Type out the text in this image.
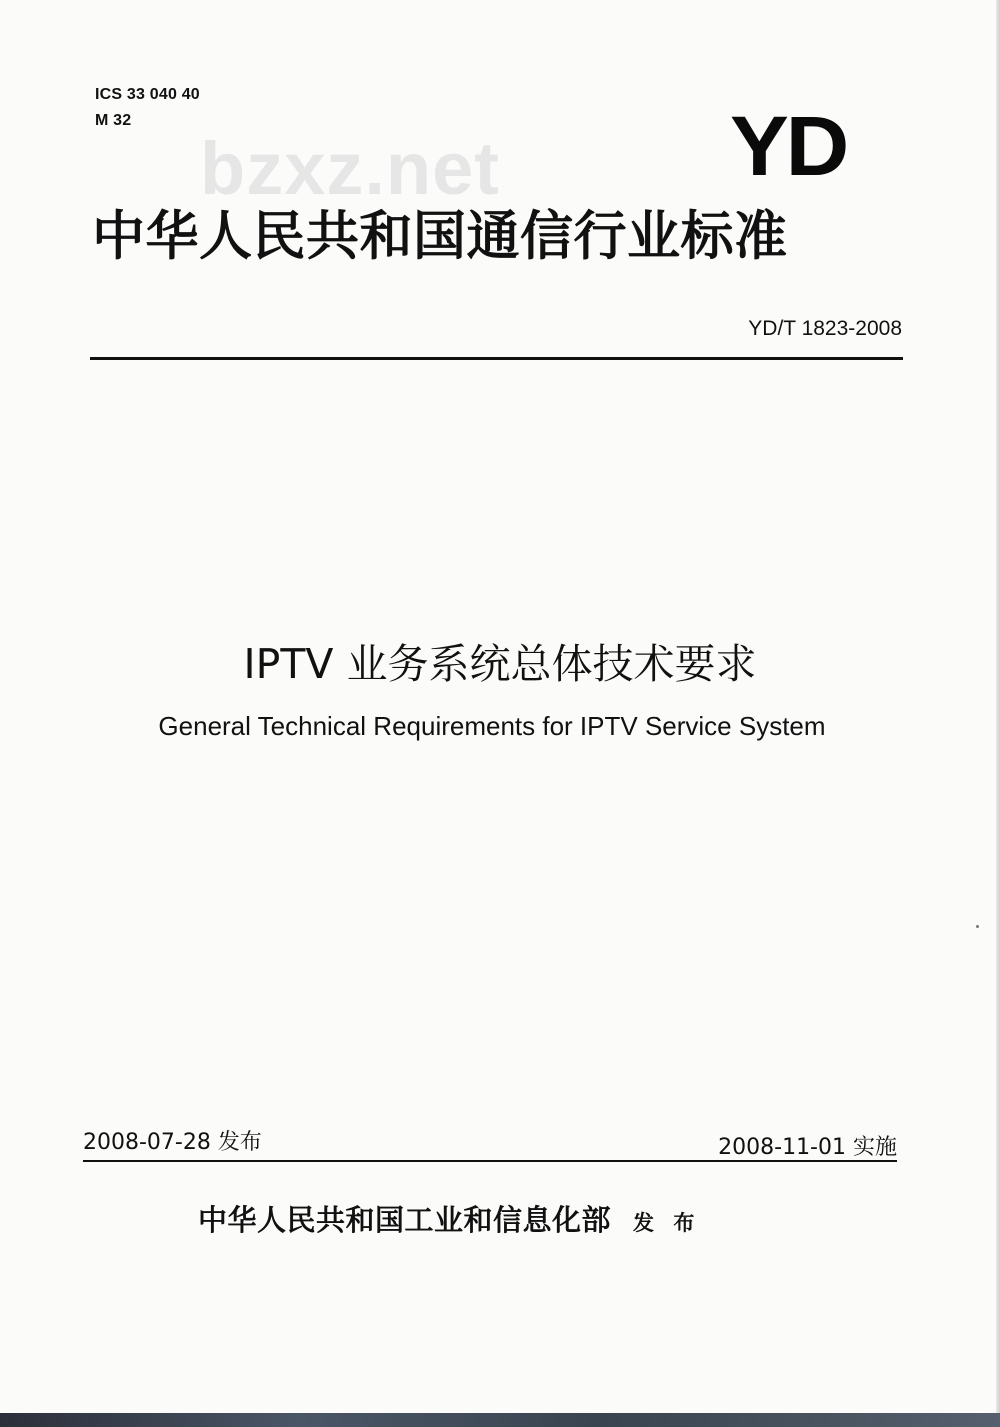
ICS 33 040 40
M 32
bzxz.net	YD
中华人民共和国通信行业标准
YD/T 1823-2008
IPTV 业务系统总体技术要求
General Technical Requirements for IPTV Service System
2008-07-28 发布	2008-11-01 实施
中华人民共和国工业和信息化部 发 布
